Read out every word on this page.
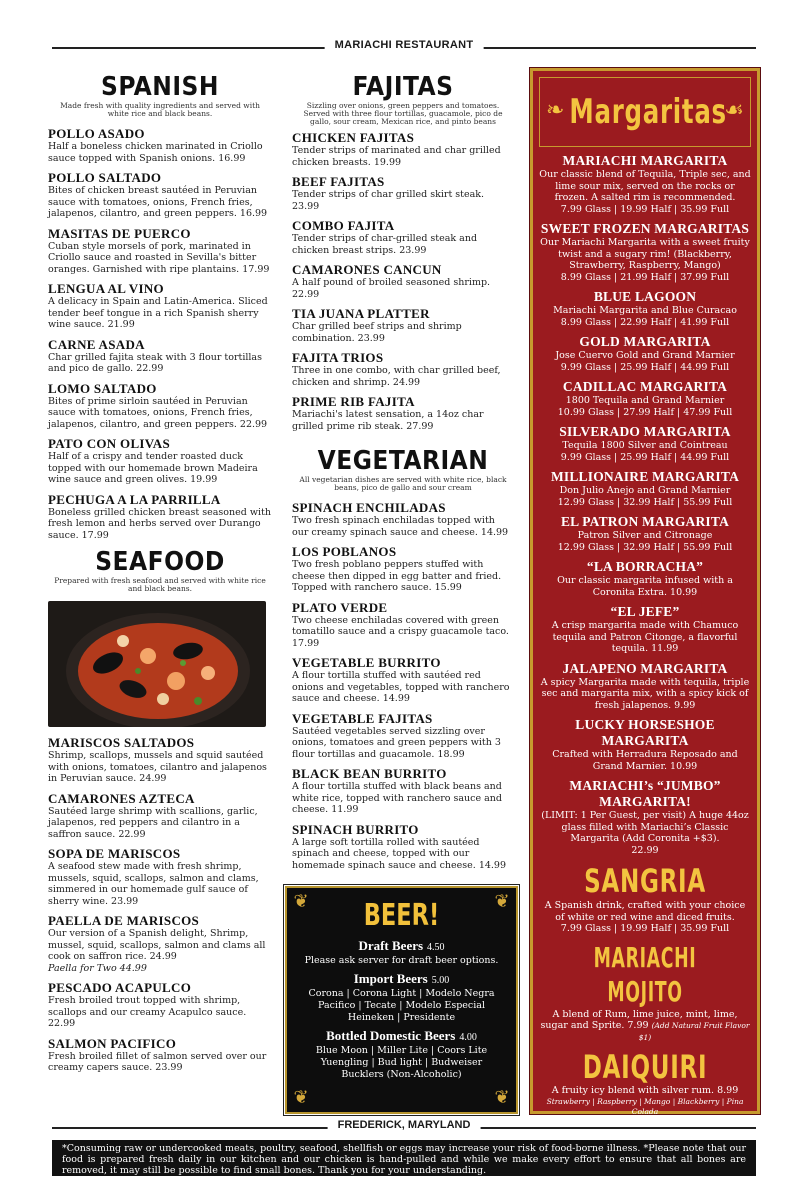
MARIACHI RESTAURANT
SPANISH
Made fresh with quality ingredients and served with white rice and black beans.
POLLO ASADO
Half a boneless chicken marinated in Criollo sauce topped with Spanish onions. 16.99
POLLO SALTADO
Bites of chicken breast sautéed in Peruvian sauce with tomatoes, onions, French fries, jalapenos, cilantro, and green peppers. 16.99
MASITAS DE PUERCO
Cuban style morsels of pork, marinated in Criollo sauce and roasted in Sevilla's bitter oranges. Garnished with ripe plantains. 17.99
LENGUA AL VINO
A delicacy in Spain and Latin-America. Sliced tender beef tongue in a rich Spanish sherry wine sauce. 21.99
CARNE ASADA
Char grilled fajita steak with 3 flour tortillas and pico de gallo. 22.99
LOMO SALTADO
Bites of prime sirloin sautéed in Peruvian sauce with tomatoes, onions, French fries, jalapenos, cilantro, and green peppers. 22.99
PATO CON OLIVAS
Half of a crispy and tender roasted duck topped with our homemade brown Madeira wine sauce and green olives. 19.99
PECHUGA A LA PARRILLA
Boneless grilled chicken breast seasoned with fresh lemon and herbs served over Durango sauce. 17.99
SEAFOOD
Prepared with fresh seafood and served with white rice and black beans.
MARISCOS SALTADOS
Shrimp, scallops, mussels and squid sautéed with onions, tomatoes, cilantro and jalapenos in Peruvian sauce. 24.99
CAMARONES AZTECA
Sautéed large shrimp with scallions, garlic, jalapenos, red peppers and cilantro in a saffron sauce. 22.99
SOPA DE MARISCOS
A seafood stew made with fresh shrimp, mussels, squid, scallops, salmon and clams, simmered in our homemade gulf sauce of sherry wine. 23.99
PAELLA DE MARISCOS
Our version of a Spanish delight, Shrimp, mussel, squid, scallops, salmon and clams all cook on saffron rice. 24.99
Paella for Two 44.99
PESCADO ACAPULCO
Fresh broiled trout topped with shrimp, scallops and our creamy Acapulco sauce. 22.99
SALMON PACIFICO
Fresh broiled fillet of salmon served over our creamy capers sauce. 23.99
FAJITAS
Sizzling over onions, green peppers and tomatoes. Served with three flour tortillas, guacamole, pico de gallo, sour cream, Mexican rice, and pinto beans
CHICKEN FAJITAS
Tender strips of marinated and char grilled chicken breasts. 19.99
BEEF FAJITAS
Tender strips of char grilled skirt steak. 23.99
COMBO FAJITA
Tender strips of char-grilled steak and chicken breast strips. 23.99
CAMARONES CANCUN
A half pound of broiled seasoned shrimp. 22.99
TIA JUANA PLATTER
Char grilled beef strips and shrimp combination. 23.99
FAJITA TRIOS
Three in one combo, with char grilled beef, chicken and shrimp. 24.99
PRIME RIB FAJITA
Mariachi's latest sensation, a 14oz char grilled prime rib steak. 27.99
VEGETARIAN
All vegetarian dishes are served with white rice, black beans, pico de gallo and sour cream
SPINACH ENCHILADAS
Two fresh spinach enchiladas topped with our creamy spinach sauce and cheese. 14.99
LOS POBLANOS
Two fresh poblano peppers stuffed with cheese then dipped in egg batter and fried. Topped with ranchero sauce. 15.99
PLATO VERDE
Two cheese enchiladas covered with green tomatillo sauce and a crispy guacamole taco. 17.99
VEGETABLE BURRITO
A flour tortilla stuffed with sautéed red onions and vegetables, topped with ranchero sauce and cheese. 14.99
VEGETABLE FAJITAS
Sautéed vegetables served sizzling over onions, tomatoes and green peppers with 3 flour tortillas and guacamole. 18.99
BLACK BEAN BURRITO
A flour tortilla stuffed with black beans and white rice, topped with ranchero sauce and cheese. 11.99
SPINACH BURRITO
A large soft tortilla rolled with sautéed spinach and cheese, topped with our homemade spinach sauce and cheese. 14.99
❦	❦
❦	❦
BEER!
Draft Beers 4.50
Please ask server for draft beer options.
Import Beers 5.00
Corona | Corona Light | Modelo Negra
Pacifico | Tecate | Modelo Especial
Heineken | Presidente
Bottled Domestic Beers 4.00
Blue Moon | Miller Lite | Coors Lite
Yuengling | Bud light | Budweiser
Bucklers (Non-Alcoholic)
❧	☙
Margaritas
MARIACHI MARGARITA
Our classic blend of Tequila, Triple sec, and lime sour mix, served on the rocks or frozen. A salted rim is recommended.
7.99 Glass | 19.99 Half | 35.99 Full
SWEET FROZEN MARGARITAS
Our Mariachi Margarita with a sweet fruity twist and a sugary rim! (Blackberry, Strawberry, Raspberry, Mango)
8.99 Glass | 21.99 Half | 37.99 Full
BLUE LAGOON
Mariachi Margarita and Blue Curacao
8.99 Glass | 22.99 Half | 41.99 Full
GOLD MARGARITA
Jose Cuervo Gold and Grand Marnier
9.99 Glass | 25.99 Half | 44.99 Full
CADILLAC MARGARITA
1800 Tequila and Grand Marnier
10.99 Glass | 27.99 Half | 47.99 Full
SILVERADO MARGARITA
Tequila 1800 Silver and Cointreau
9.99 Glass | 25.99 Half | 44.99 Full
MILLIONAIRE MARGARITA
Don Julio Anejo and Grand Marnier
12.99 Glass | 32.99 Half | 55.99 Full
EL PATRON MARGARITA
Patron Silver and Citronage
12.99 Glass | 32.99 Half | 55.99 Full
“LA BORRACHA”
Our classic margarita infused with a Coronita Extra. 10.99
“EL JEFE”
A crisp margarita made with Chamuco tequila and Patron Citonge, a flavorful tequila. 11.99
JALAPENO MARGARITA
A spicy Margarita made with tequila, triple sec and margarita mix, with a spicy kick of fresh jalapenos. 9.99
LUCKY HORSESHOE MARGARITA
Crafted with Herradura Reposado and Grand Marnier. 10.99
MARIACHI’s “JUMBO” MARGARITA!
(LIMIT: 1 Per Guest, per visit) A huge 44oz glass filled with Mariachi’s Classic Margarita (Add Coronita +$3).
22.99
SANGRIA
A Spanish drink, crafted with your choice of white or red wine and diced fruits.
7.99 Glass | 19.99 Half | 35.99 Full
MARIACHI MOJITO
A blend of Rum, lime juice, mint, lime, sugar and Sprite. 7.99 (Add Natural Fruit Flavor $1)
DAIQUIRI
A fruity icy blend with silver rum. 8.99
Strawberry | Raspberry | Mango | Blackberry | Pina Colada
FREDERICK, MARYLAND
*Consuming raw or undercooked meats, poultry, seafood, shellfish or eggs may increase your risk of food-borne illness. *Please note that our food is prepared fresh daily in our kitchen and our chicken is hand-pulled and while we make every effort to ensure that all bones are removed, it may still be possible to find small bones. Thank you for your understanding.
